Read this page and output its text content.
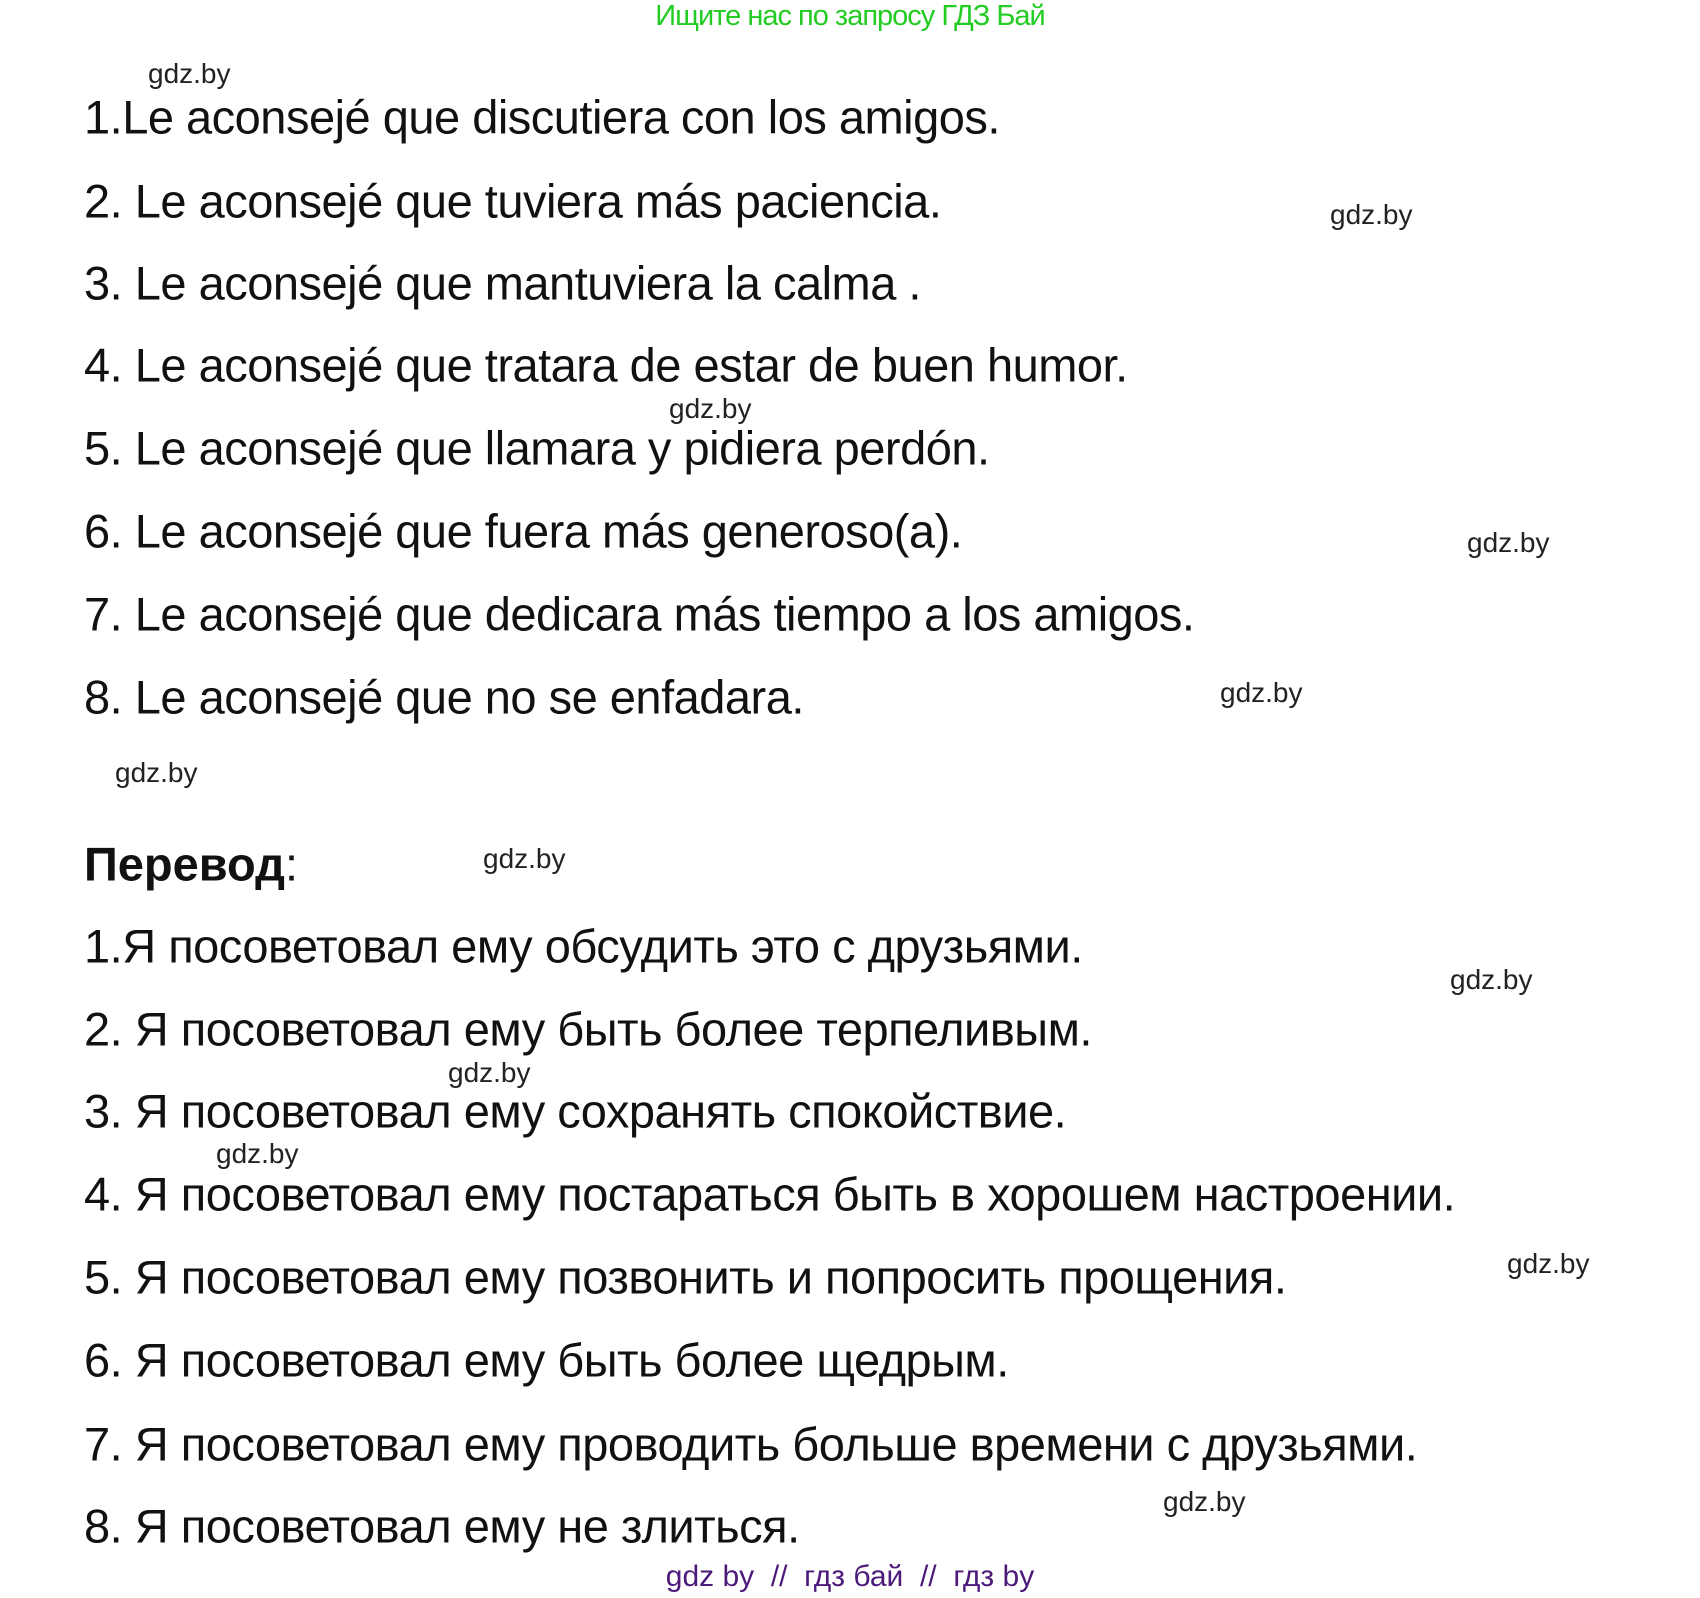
Ищите нас по запросу ГДЗ Бай
1.Le aconsejé que discutiera con los amigos.
2. Le aconsejé que tuviera más paciencia.
3. Le aconsejé que mantuviera la calma .
4. Le aconsejé que tratara de estar de buen humor.
5. Le aconsejé que llamara y pidiera perdón.
6. Le aconsejé que fuera más generoso(a).
7. Le aconsejé que dedicara más tiempo a los amigos.
8. Le aconsejé que no se enfadara.
Перевод:
1.Я посоветовал ему обсудить это с друзьями.
2. Я посоветовал ему быть более терпеливым.
3. Я посоветовал ему сохранять спокойствие.
4. Я посоветовал ему постараться быть в хорошем настроении.
5. Я посоветовал ему позвонить и попросить прощения.
6. Я посоветовал ему быть более щедрым.
7. Я посоветовал ему проводить больше времени с друзьями.
8. Я посоветовал ему не злиться.
gdz.by
gdz.by
gdz.by
gdz.by
gdz.by
gdz.by
gdz.by
gdz.by
gdz.by
gdz.by
gdz.by
gdz.by
gdz by  //  гдз бай  //  гдз by
